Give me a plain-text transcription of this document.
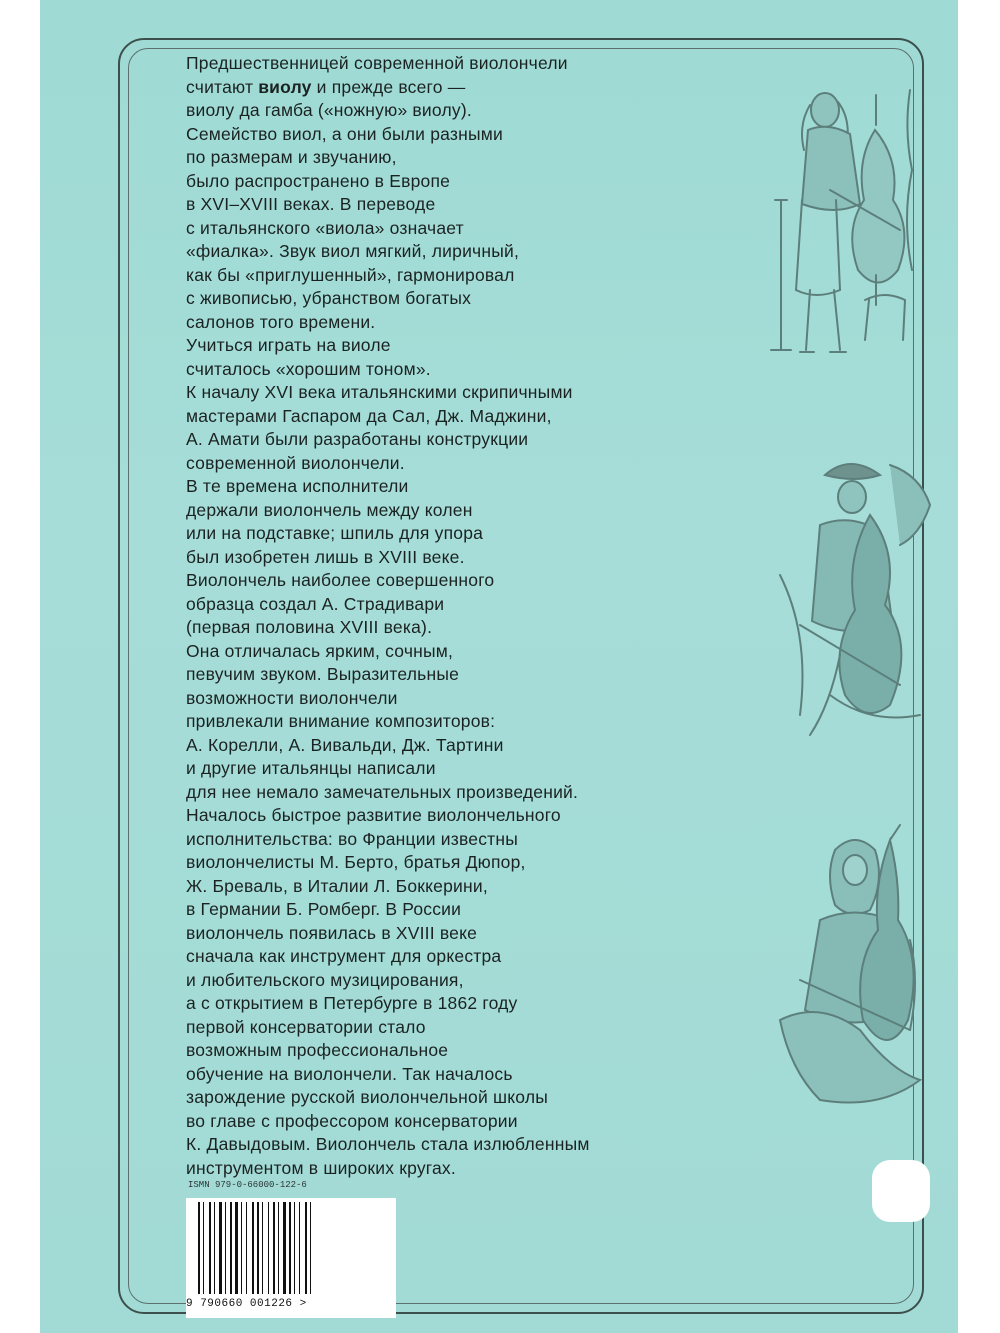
Предшественницей современной виолончели
считают виолу и прежде всего —
виолу да гамба («ножную» виолу).
Семейство виол, а они были разными
по размерам и звучанию,
было распространено в Европе
в XVI–XVIII веках. В переводе
с итальянского «виола» означает
«фиалка». Звук виол мягкий, лиричный,
как бы «приглушенный», гармонировал
с живописью, убранством богатых
салонов того времени.
Учиться играть на виоле
считалось «хорошим тоном».
К началу XVI века итальянскими скрипичными
мастерами Гаспаром да Сал, Дж. Маджини,
А. Амати были разработаны конструкции
современной виолончели.
В те времена исполнители
держали виолончель между колен
или на подставке; шпиль для упора
был изобретен лишь в XVIII веке.
Виолончель наиболее совершенного
образца создал А. Страдивари
(первая половина XVIII века).
Она отличалась ярким, сочным,
певучим звуком. Выразительные
возможности виолончели
привлекали внимание композиторов:
А. Корелли, А. Вивальди, Дж. Тартини
и другие итальянцы написали
для нее немало замечательных произведений.
Началось быстрое развитие виолончельного
исполнительства: во Франции известны
виолончелисты М. Берто, братья Дюпор,
Ж. Бреваль, в Италии Л. Боккерини,
в Германии Б. Ромберг. В России
виолончель появилась в XVIII веке
сначала как инструмент для оркестра
и любительского музицирования,
а с открытием в Петербурге в 1862 году
первой консерватории стало
возможным профессиональное
обучение на виолончели. Так началось
зарождение русской виолончельной школы
во главе с профессором консерватории
К. Давыдовым. Виолончель стала излюбленным
инструментом в широких кругах.
ISMN 979-0-66000-122-6
9 790660 001226 >
